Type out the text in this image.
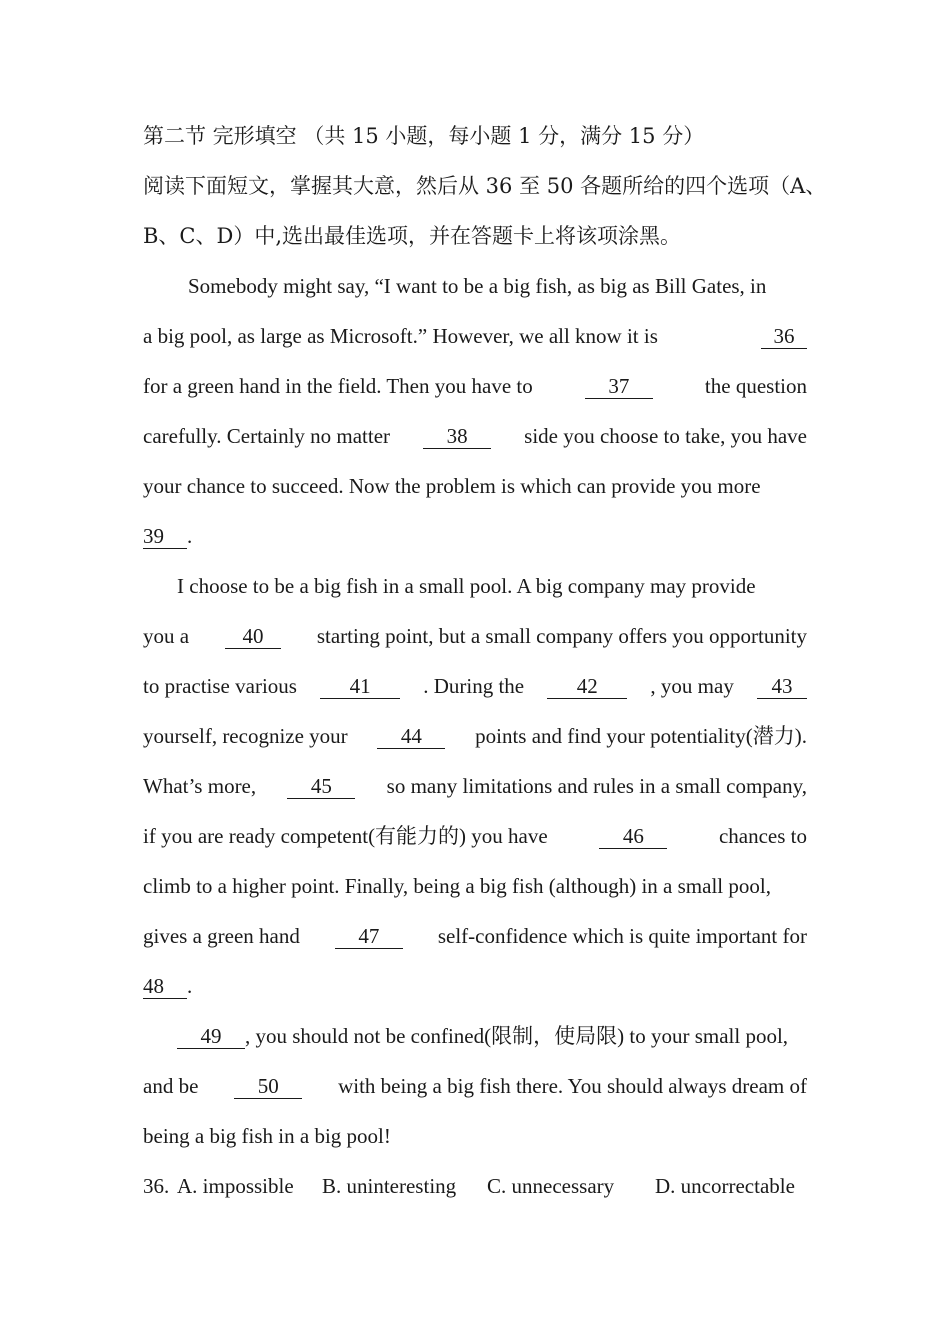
第二节 完形填空 （共 15 小题，每小题 1 分，满分 15 分）
阅读下面短文，掌握其大意，然后从 36 至 50 各题所给的四个选项（A、
B、C、D）中,选出最佳选项，并在答题卡上将该项涂黑。
Somebody might say, “I want to be a big fish, as big as Bill Gates, in
a big pool, as large as Microsoft.” However, we all know it is	36
for a green hand in the field. Then you have to	37	the question
carefully. Certainly no matter	38	side you choose to take, you have
your chance to succeed. Now the problem is which can provide you more
39 .
I choose to be a big fish in a small pool. A big company may provide
you a	40	starting point, but a small company offers you opportunity
to practise various	41	. During the	42	, you may	43
yourself, recognize your	44	points and find your potentiality(潜力).
What’s more,	45	so many limitations and rules in a small company,
if you are ready competent(有能力的) you have	46	chances to
climb to a higher point. Finally, being a big fish (although) in a small pool,
gives a green hand	47	self-confidence which is quite important for
48 .
49 , you should not be confined(限制，使局限) to your small pool,
and be	50	with being a big fish there. You should always dream of
being a big fish in a big pool!
36. A. impossible B. uninteresting C. unnecessary D. uncorrectable
